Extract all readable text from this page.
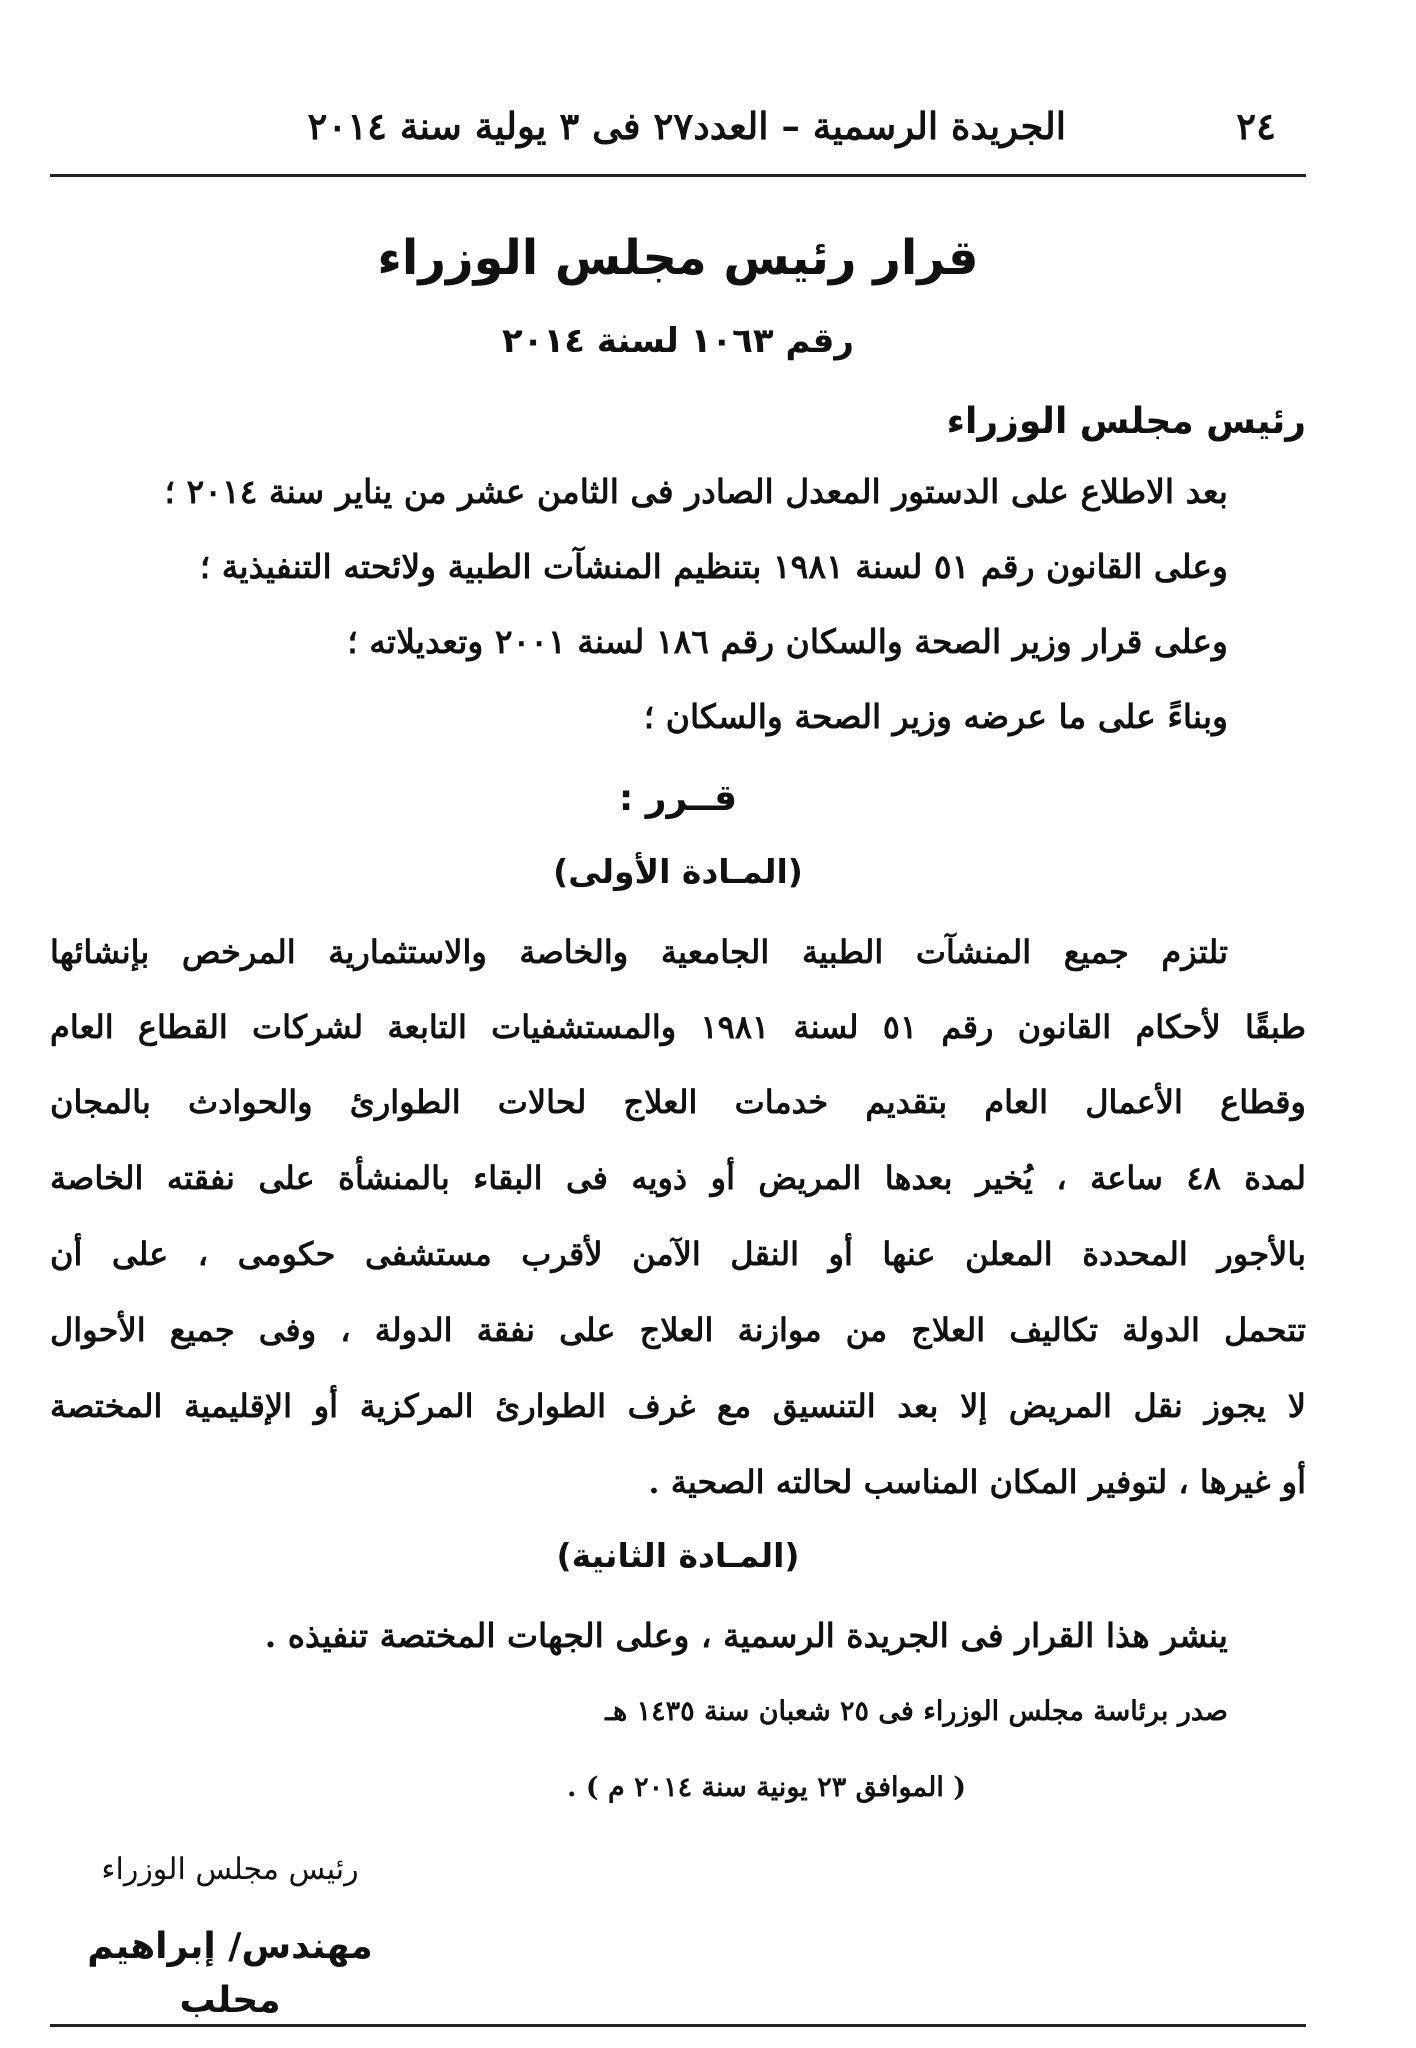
٢٤
الجريدة الرسمية – العدد٢٧ فى ٣ يولية سنة ٢٠١٤
قرار رئيس مجلس الوزراء
رقم ١٠٦٣ لسنة ٢٠١٤
رئيس مجلس الوزراء
بعد الاطلاع على الدستور المعدل الصادر فى الثامن عشر من يناير سنة ٢٠١٤ ؛
وعلى القانون رقم ٥١ لسنة ١٩٨١ بتنظيم المنشآت الطبية ولائحته التنفيذية ؛
وعلى قرار وزير الصحة والسكان رقم ١٨٦ لسنة ٢٠٠١ وتعديلاته ؛
وبناءً على ما عرضه وزير الصحة والسكان ؛
قــرر :
(المـادة الأولى)
تلتزم جميع المنشآت الطبية الجامعية والخاصة والاستثمارية المرخص بإنشائها
طبقًا لأحكام القانون رقم ٥١ لسنة ١٩٨١ والمستشفيات التابعة لشركات القطاع العام
وقطاع الأعمال العام بتقديم خدمات العلاج لحالات الطوارئ والحوادث بالمجان
لمدة ٤٨ ساعة ، يُخير بعدها المريض أو ذويه فى البقاء بالمنشأة على نفقته الخاصة
بالأجور المحددة المعلن عنها أو النقل الآمن لأقرب مستشفى حكومى ، على أن
تتحمل الدولة تكاليف العلاج من موازنة العلاج على نفقة الدولة ، وفى جميع الأحوال
لا يجوز نقل المريض إلا بعد التنسيق مع غرف الطوارئ المركزية أو الإقليمية المختصة
أو غيرها ، لتوفير المكان المناسب لحالته الصحية .
(المـادة الثانية)
ينشر هذا القرار فى الجريدة الرسمية ، وعلى الجهات المختصة تنفيذه .
صدر برئاسة مجلس الوزراء فى ٢٥ شعبان سنة ١٤٣٥ هـ
( الموافق ٢٣ يونية سنة ٢٠١٤ م ) .
رئيس مجلس الوزراء
مهندس/ إبراهيم محلب
